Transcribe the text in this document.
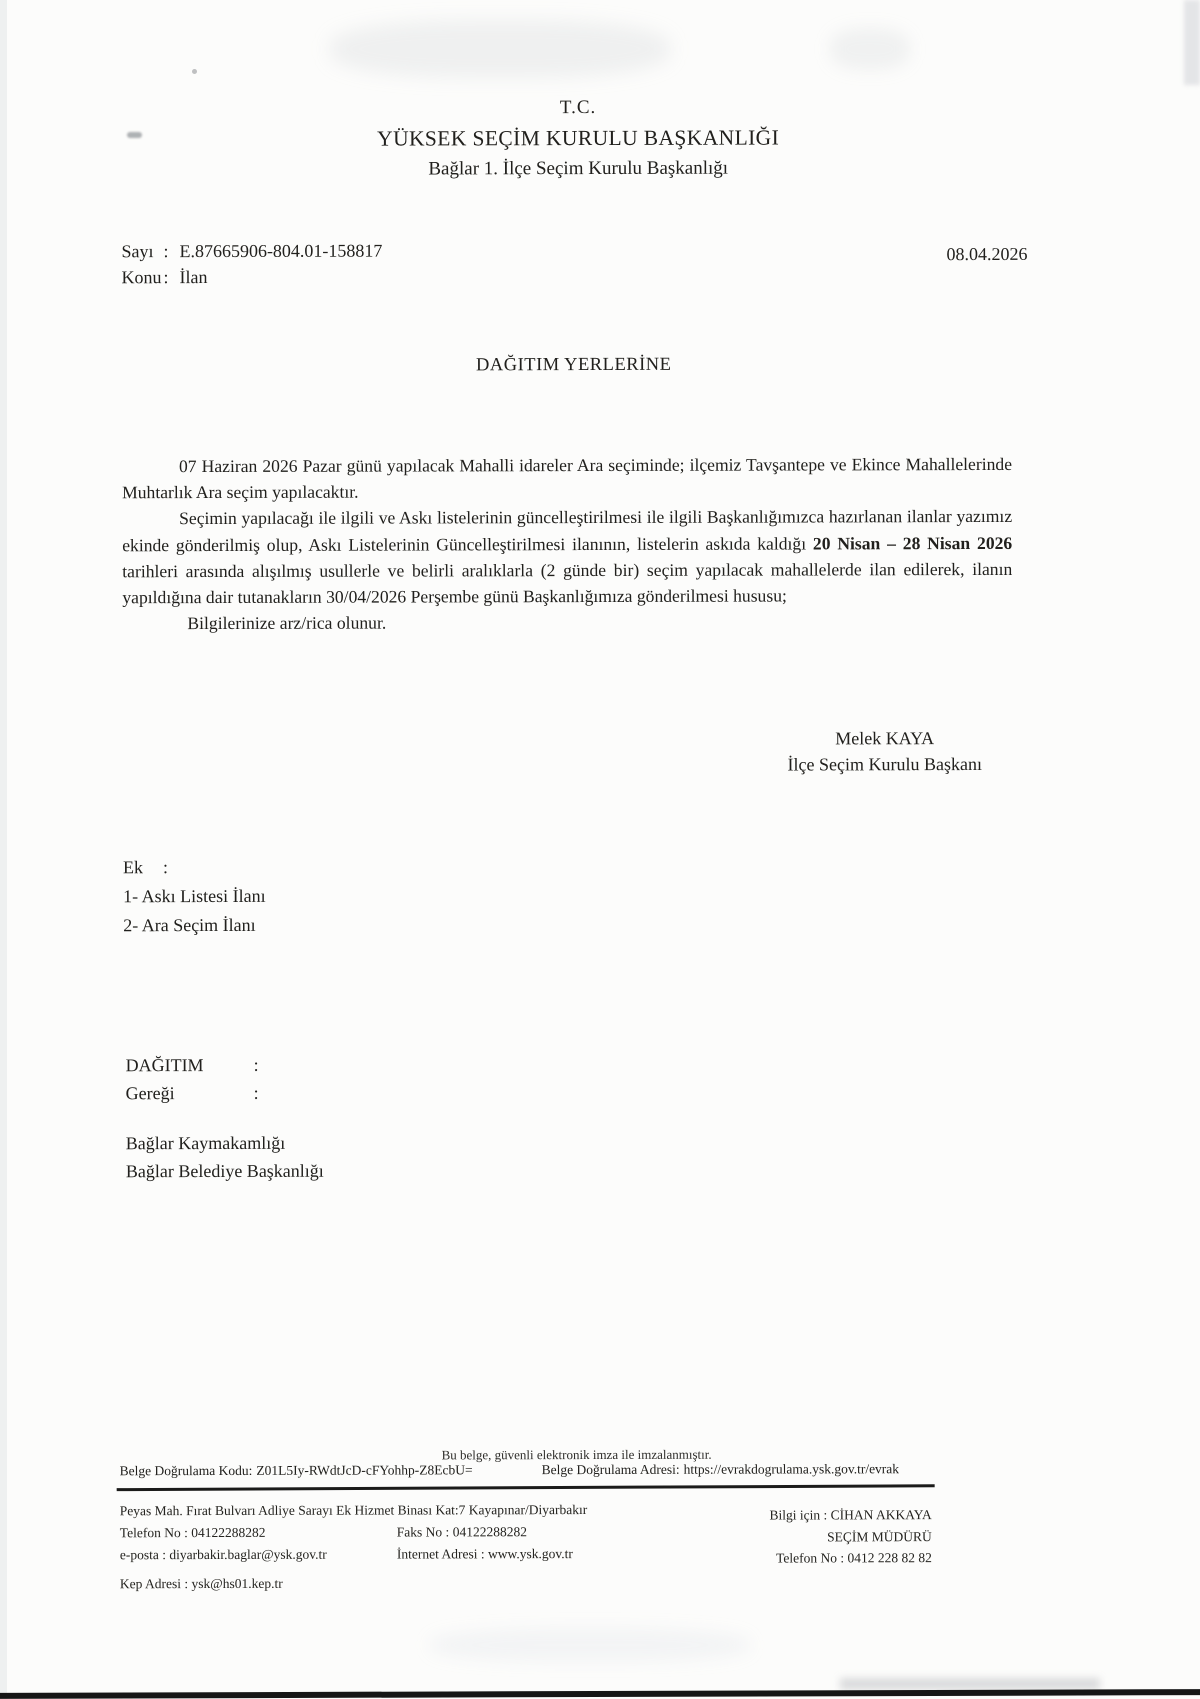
T.C.
YÜKSEK SEÇİM KURULU BAŞKANLIĞI
Bağlar 1. İlçe Seçim Kurulu Başkanlığı
Sayı : E.87665906-804.01-158817
Konu : İlan
08.04.2026
DAĞITIM YERLERİNE

07 Haziran 2026 Pazar günü yapılacak Mahalli idareler Ara seçiminde; ilçemiz Tavşantepe ve Ekince Mahallelerinde Muhtarlık Ara seçim yapılacaktır.

Seçimin yapılacağı ile ilgili ve Askı listelerinin güncelleştirilmesi ile ilgili Başkanlığımızca hazırlanan ilanlar yazımız ekinde gönderilmiş olup, Askı Listelerinin Güncelleştirilmesi ilanının, listelerin askıda kaldığı 20 Nisan – 28 Nisan 2026 tarihleri arasında alışılmış usullerle ve belirli aralıklarla (2 günde bir) seçim yapılacak mahallelerde ilan edilerek, ilanın yapıldığına dair tutanakların 30/04/2026 Perşembe günü Başkanlığımıza gönderilmesi hususu;

Bilgilerinize arz/rica olunur.

Melek KAYA
İlçe Seçim Kurulu Başkanı
Ek :
1- Askı Listesi İlanı
2- Ara Seçim İlanı
DAĞITIM	:
Gereği	:
Bağlar Kaymakamlığı
Bağlar Belediye Başkanlığı
Bu belge, güvenli elektronik imza ile imzalanmıştır.
Belge Doğrulama Kodu: Z01L5Iy-RWdtJcD-cFYohhp-Z8EcbU=	Belge Doğrulama Adresi: https://evrakdogrulama.ysk.gov.tr/evrak
Peyas Mah. Fırat Bulvarı Adliye Sarayı Ek Hizmet Binası Kat:7 Kayapınar/Diyarbakır
Telefon No : 04122288282	Faks No : 04122288282
e-posta : diyarbakir.baglar@ysk.gov.tr	İnternet Adresi : www.ysk.gov.tr
Kep Adresi : ysk@hs01.kep.tr
Bilgi için : CİHAN AKKAYA
SEÇİM MÜDÜRÜ
Telefon No : 0412 228 82 82
